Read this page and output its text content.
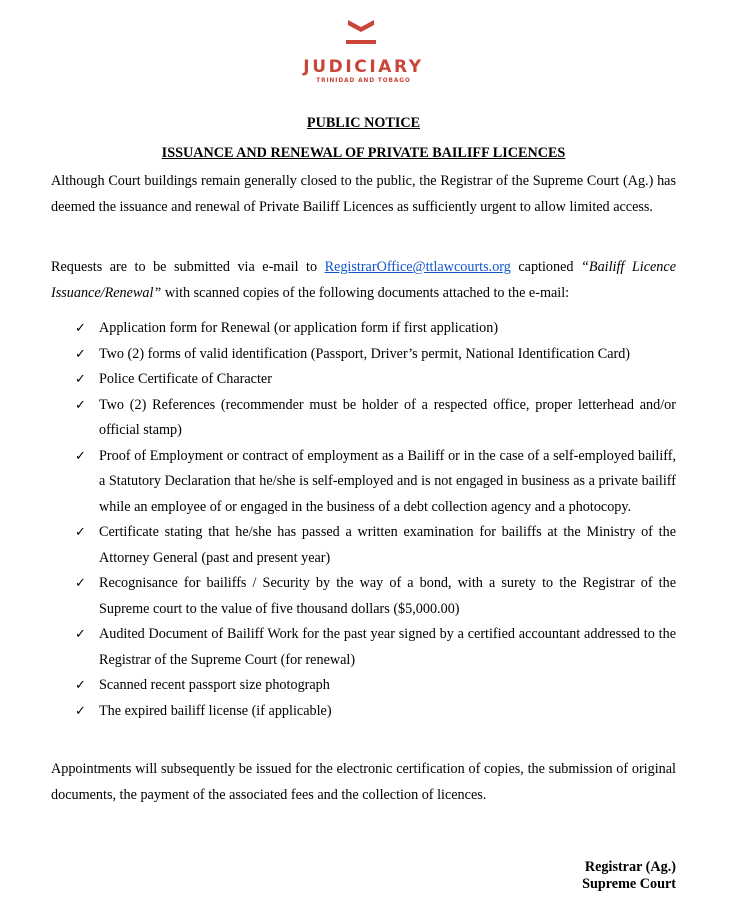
JUDICIARY
TRINIDAD AND TOBAGO
PUBLIC NOTICE
ISSUANCE AND RENEWAL OF PRIVATE BAILIFF LICENCES

Although Court buildings remain generally closed to the public, the Registrar of the Supreme Court (Ag.) has deemed the issuance and renewal of Private Bailiff Licences as sufficiently urgent to allow limited access.

Requests are to be submitted via e-mail to RegistrarOffice@ttlawcourts.org captioned “Bailiff Licence Issuance/Renewal” with scanned copies of the following documents attached to the e-mail:

✓ Application form for Renewal (or application form if first application)
✓ Two (2) forms of valid identification (Passport, Driver’s permit, National Identification Card)
✓ Police Certificate of Character
✓ Two (2) References (recommender must be holder of a respected office, proper letterhead and/or official stamp)
✓ Proof of Employment or contract of employment as a Bailiff or in the case of a self-employed bailiff, a Statutory Declaration that he/she is self-employed and is not engaged in business as a private bailiff while an employee of or engaged in the business of a debt collection agency and a photocopy.
✓ Certificate stating that he/she has passed a written examination for bailiffs at the Ministry of the Attorney General (past and present year)
✓ Recognisance for bailiffs / Security by the way of a bond, with a surety to the Registrar of the Supreme court to the value of five thousand dollars ($5,000.00)
✓ Audited Document of Bailiff Work for the past year signed by a certified accountant addressed to the Registrar of the Supreme Court (for renewal)
✓ Scanned recent passport size photograph
✓ The expired bailiff license (if applicable)

Appointments will subsequently be issued for the electronic certification of copies, the submission of original documents, the payment of the associated fees and the collection of licences.

Registrar (Ag.)
Supreme Court
